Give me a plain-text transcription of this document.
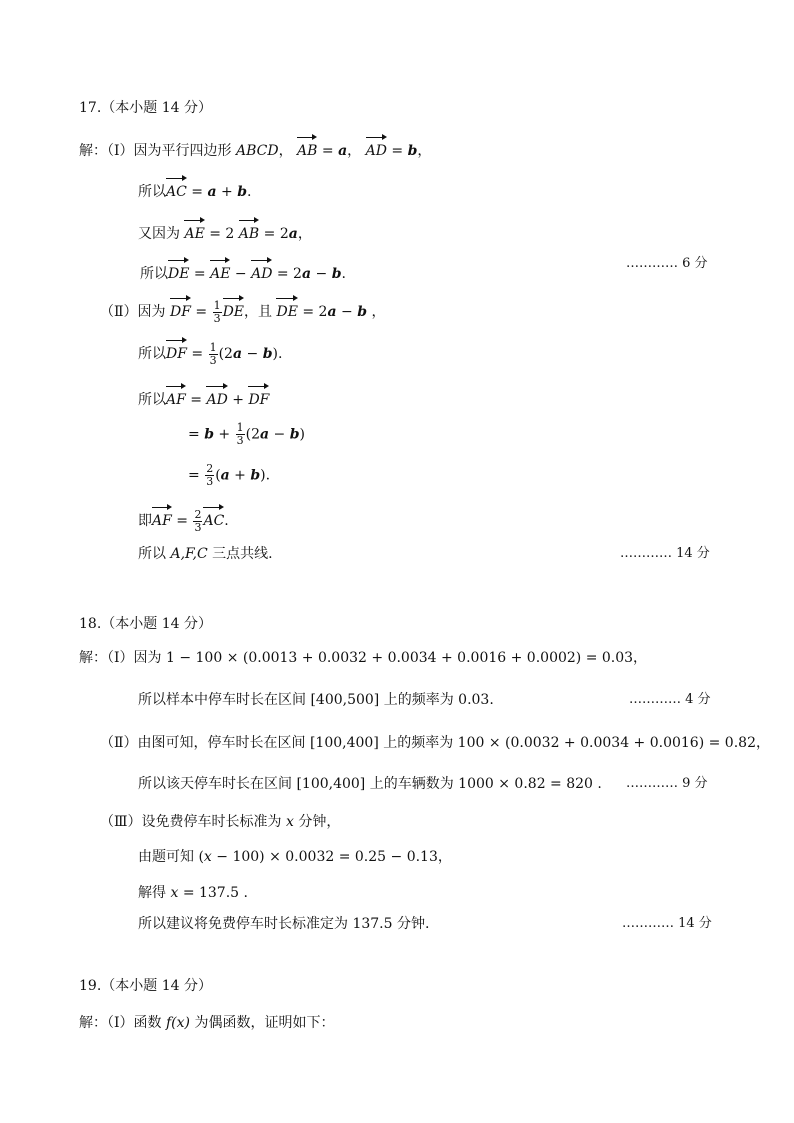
17.（本小题 14 分）
解：（Ⅰ）因为平行四边形 ABCD， AB = a， AD = b，
所以AC = a + b.
又因为 AE = 2 AB = 2a，
所以DE = AE − AD = 2a − b.
………… 6 分
（Ⅱ）因为 DF = $\frac{1}{3}$ DE，且 DE = 2a − b ，
所以DF = $\frac{1}{3} (2a - b)$.
所以AF = AD + DF
= $b + \frac{1}{3} (2a - b)$
= $\frac{2}{3} (a + b)$.
即AF = $\frac{2}{3}$ AC.
所以 A,F,C 三点共线.	………… 14 分
18.（本小题 14 分）
解：（Ⅰ）因为 1 − 100 × (0.0013 + 0.0032 + 0.0034 + 0.0016 + 0.0002) = 0.03，
所以样本中停车时长在区间 [400,500] 上的频率为 0.03.	………… 4 分
（Ⅱ）由图可知，停车时长在区间 [100,400] 上的频率为 100 × (0.0032 + 0.0034 + 0.0016) = 0.82，
所以该天停车时长在区间 [100,400] 上的车辆数为 1000 × 0.82 = 820 . ………… 9 分
（Ⅲ）设免费停车时长标准为 x 分钟，
由题可知 (x − 100) × 0.0032 = 0.25 − 0.13，
解得 x = 137.5 .
所以建议将免费停车时长标准定为 137.5 分钟.	………… 14 分
19.（本小题 14 分）
解：（Ⅰ）函数 f(x) 为偶函数，证明如下：
